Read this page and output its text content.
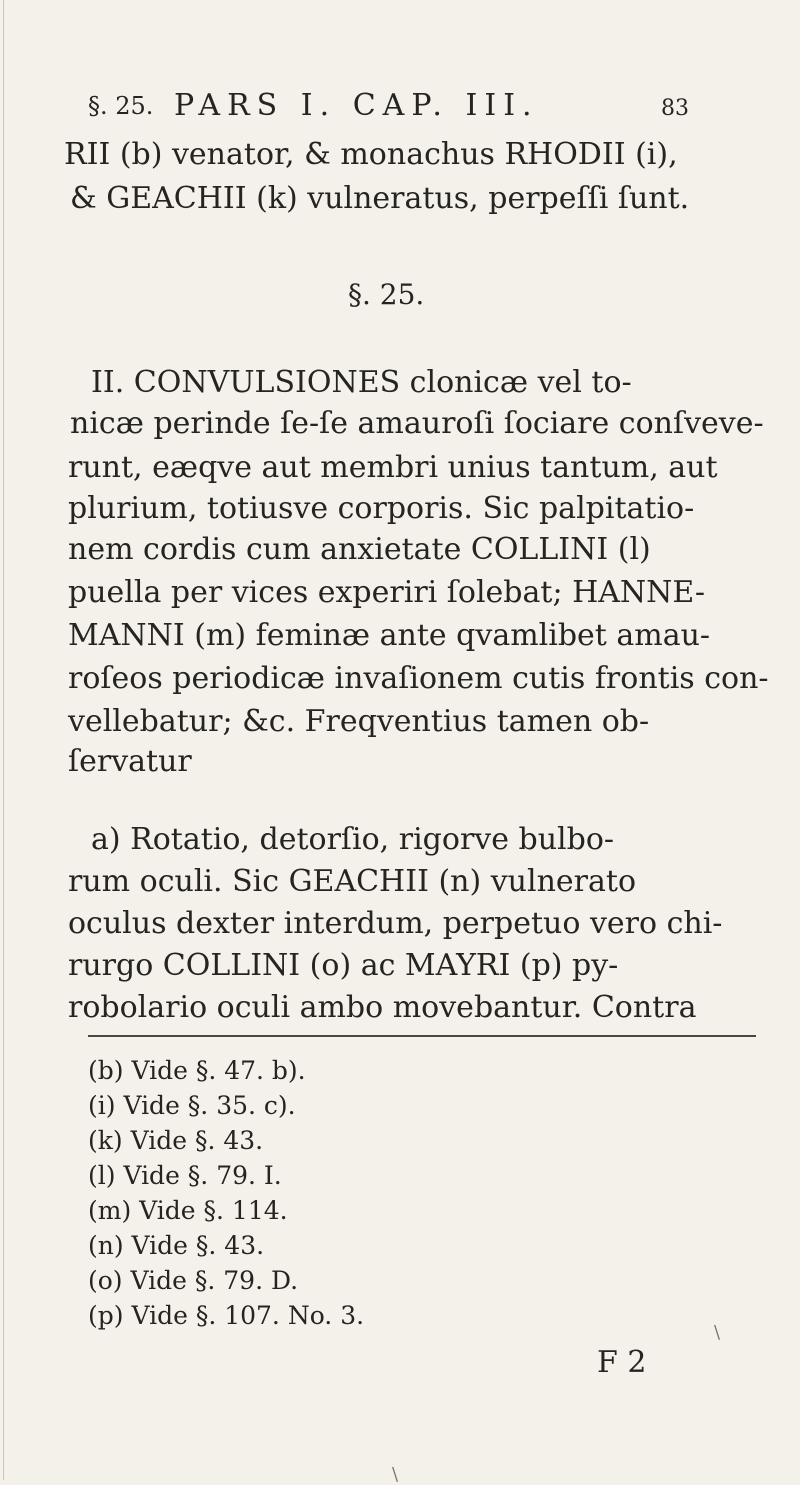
§. 25. PARS I. CAP. III.	83
RII (b) venator, & monachus RHODII (i),
& GEACHII (k) vulneratus, perpeſſi ſunt.
§. 25.
II. CONVULSIONES clonicæ vel to-
nicæ perinde ſe-ſe amauroſi ſociare conſveve-
runt, eæqve aut membri unius tantum, aut
plurium, totiusve corporis. Sic palpitatio-
nem cordis cum anxietate COLLINI (l)
puella per vices experiri ſolebat; HANNE-
MANNI (m) feminæ ante qvamlibet amau-
roſeos periodicæ invaſionem cutis frontis con-
vellebatur; &c. Freqventius tamen ob-
ſervatur
a) Rotatio, detorſio, rigorve bulbo-
rum oculi. Sic GEACHII (n) vulnerato
oculus dexter interdum, perpetuo vero chi-
rurgo COLLINI (o) ac MAYRI (p) py-
robolario oculi ambo movebantur. Contra
(b) Vide §. 47. b).
(i) Vide §. 35. c).
(k) Vide §. 43.
(l) Vide §. 79. I.
(m) Vide §. 114.
(n) Vide §. 43.
(o) Vide §. 79. D.
(p) Vide §. 107. No. 3.
F 2
\
\
